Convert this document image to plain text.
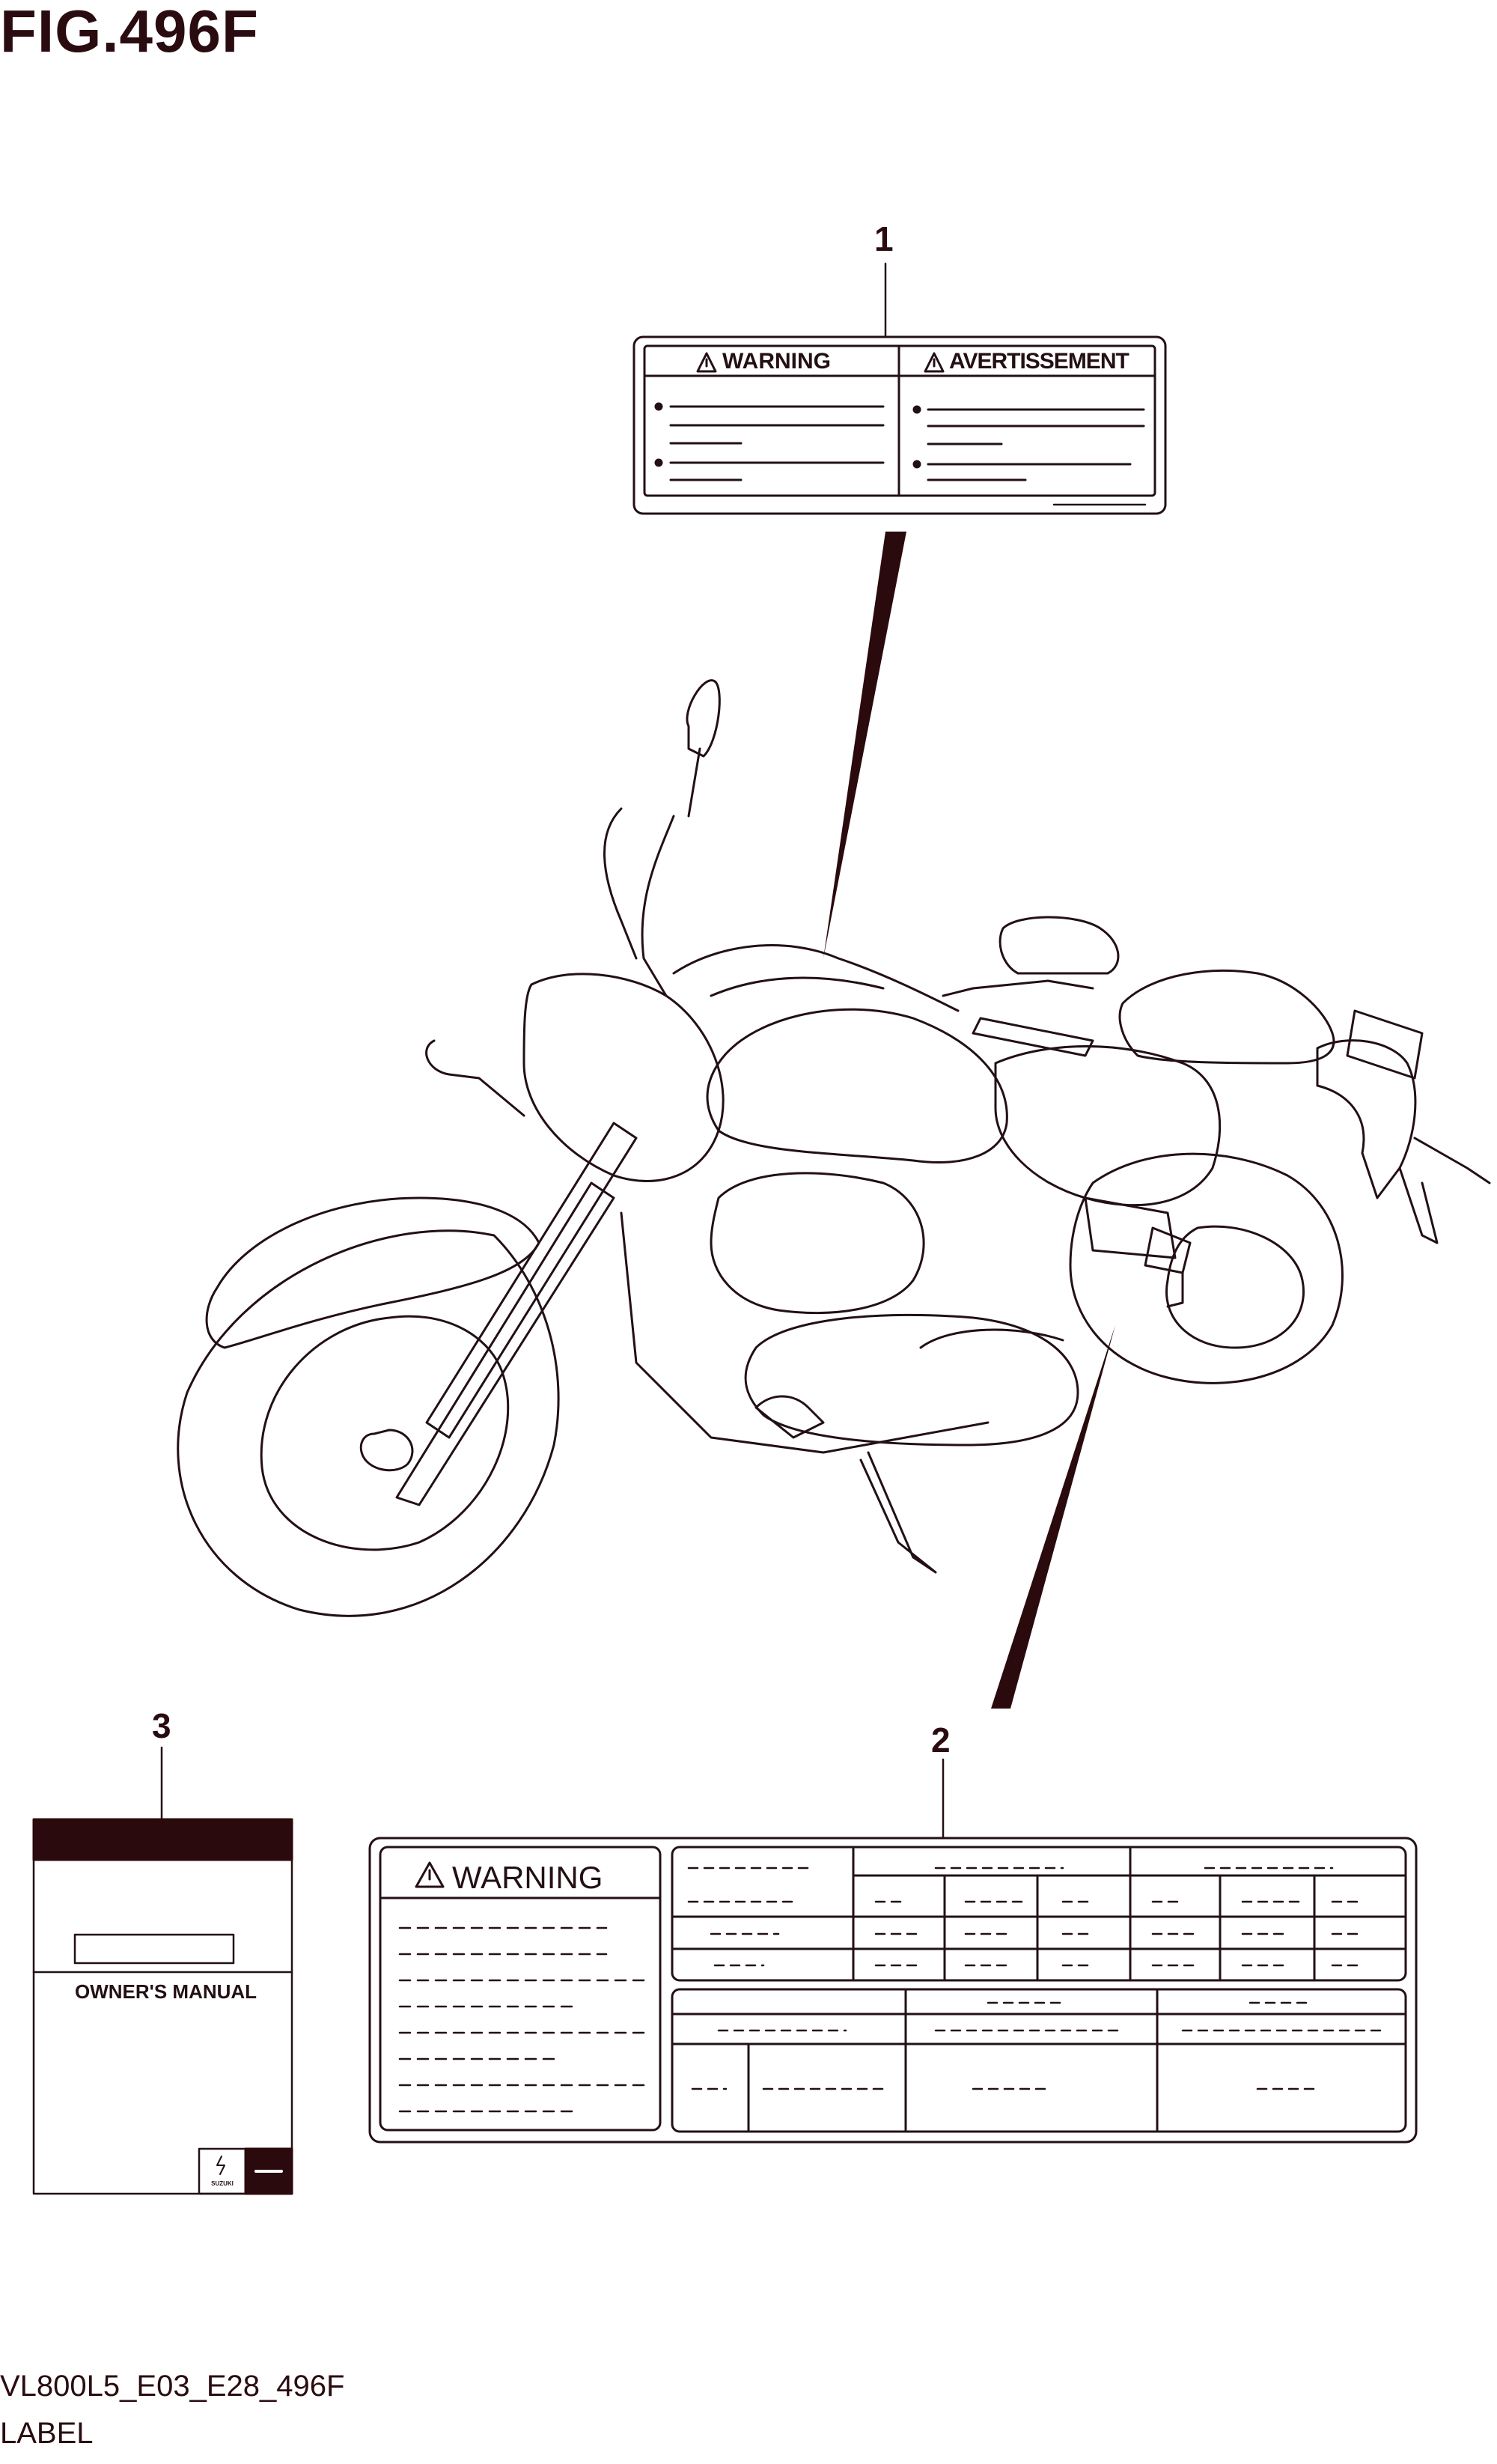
FIG.496F
1
2
3
WARNING	AVERTISSEMENT
WARNING
OWNER'S MANUAL
SUZUKI
VL800L5_E03_E28_496F
LABEL
